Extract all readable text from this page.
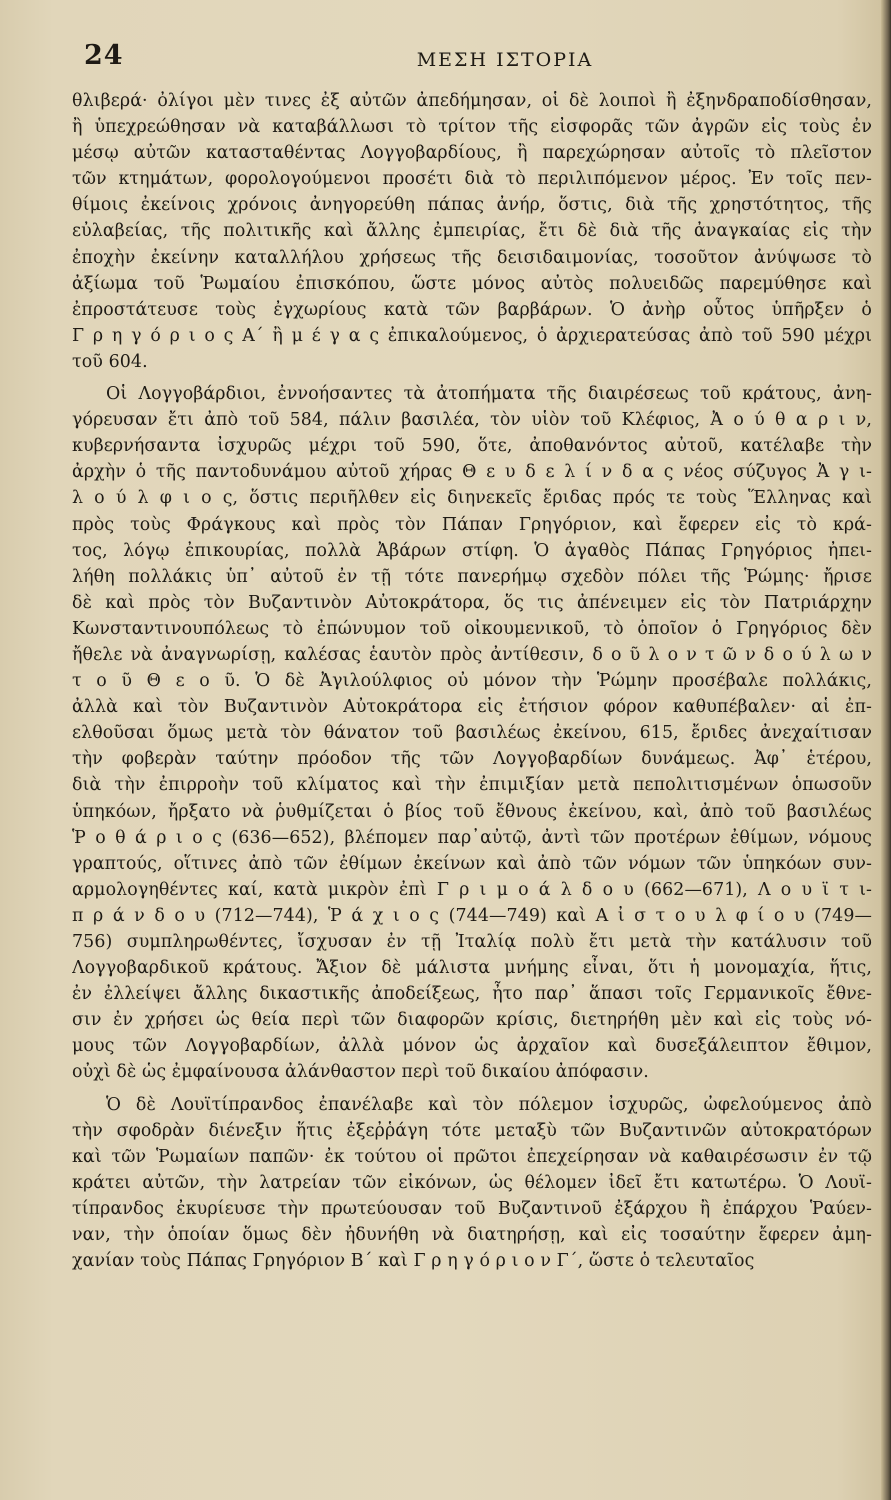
24	ΜΕΣΗ ΙΣΤΟΡΙΑ
θλιβερά· ὀλίγοι μὲν τινες ἐξ αὐτῶν ἀπεδήμησαν, οἱ δὲ λοιποὶ ἢ ἐξηνδραποδίσθησαν,
ἢ ὑπεχρεώθησαν νὰ καταβάλλωσι τὸ τρίτον τῆς εἰσφορᾶς τῶν ἀγρῶν εἰς τοὺς ἐν
μέσῳ αὐτῶν κατασταθέντας Λογγοβαρδίους, ἢ παρεχώρησαν αὐτοῖς τὸ πλεῖστον
τῶν κτημάτων, φορολογούμενοι προσέτι διὰ τὸ περιλιπόμενον μέρος. Ἐν τοῖς πεν-
θίμοις ἐκείνοις χρόνοις ἀνηγορεύθη πάπας ἀνήρ, ὅστις, διὰ τῆς χρηστότητος, τῆς
εὐλαβείας, τῆς πολιτικῆς καὶ ἄλλης ἐμπειρίας, ἔτι δὲ διὰ τῆς ἀναγκαίας εἰς τὴν
ἐποχὴν ἐκείνην καταλλήλου χρήσεως τῆς δεισιδαιμονίας, τοσοῦτον ἀνύψωσε τὸ
ἀξίωμα τοῦ Ῥωμαίου ἐπισκόπου, ὥστε μόνος αὐτὸς πολυειδῶς παρεμύθησε καὶ
ἐπροστάτευσε τοὺς ἐγχωρίους κατὰ τῶν βαρβάρων. Ὁ ἀνὴρ οὗτος ὑπῆρξεν ὁ
Γ ρ η γ ό ρ ι ο ς Α΄ ἢ μ έ γ α ς ἐπικαλούμενος, ὁ ἀρχιερατεύσας ἀπὸ τοῦ 590 μέχρι
τοῦ 604.
Οἱ Λογγοβάρδιοι, ἐννοήσαντες τὰ ἀτοπήματα τῆς διαιρέσεως τοῦ κράτους, ἀνη-
γόρευσαν ἔτι ἀπὸ τοῦ 584, πάλιν βασιλέα, τὸν υἱὸν τοῦ Κλέφιος, Ἀ ο ύ θ α ρ ι ν,
κυβερνήσαντα ἰσχυρῶς μέχρι τοῦ 590, ὅτε, ἀποθανόντος αὐτοῦ, κατέλαβε τὴν
ἀρχὴν ὁ τῆς παντοδυνάμου αὐτοῦ χήρας Θ ε υ δ ε λ ί ν δ α ς νέος σύζυγος Ἀ γ ι-
λ ο ύ λ φ ι ο ς, ὅστις περιῆλθεν εἰς διηνεκεῖς ἔριδας πρός τε τοὺς Ἕλληνας καὶ
πρὸς τοὺς Φράγκους καὶ πρὸς τὸν Πάπαν Γρηγόριον, καὶ ἔφερεν εἰς τὸ κρά-
τος, λόγῳ ἐπικουρίας, πολλὰ Ἀβάρων στίφη. Ὁ ἀγαθὸς Πάπας Γρηγόριος ἠπει-
λήθη πολλάκις ὑπ᾽ αὐτοῦ ἐν τῇ τότε πανερήμῳ σχεδὸν πόλει τῆς Ῥώμης· ἤρισε
δὲ καὶ πρὸς τὸν Βυζαντινὸν Αὐτοκράτορα, ὅς τις ἀπένειμεν εἰς τὸν Πατριάρχην
Κωνσταντινουπόλεως τὸ ἐπώνυμον τοῦ οἰκουμενικοῦ, τὸ ὁποῖον ὁ Γρηγόριος δὲν
ἤθελε νὰ ἀναγνωρίσῃ, καλέσας ἑαυτὸν πρὸς ἀντίθεσιν, δ ο ῦ λ ο ν τ ῶ ν δ ο ύ λ ω ν
τ ο ῦ Θ ε ο ῦ. Ὁ δὲ Ἀγιλούλφιος οὐ μόνον τὴν Ῥώμην προσέβαλε πολλάκις,
ἀλλὰ καὶ τὸν Βυζαντινὸν Αὐτοκράτορα εἰς ἐτήσιον φόρον καθυπέβαλεν· αἱ ἐπ-
ελθοῦσαι ὅμως μετὰ τὸν θάνατον τοῦ βασιλέως ἐκείνου, 615, ἔριδες ἀνεχαίτισαν
τὴν φοβερὰν ταύτην πρόοδον τῆς τῶν Λογγοβαρδίων δυνάμεως. Ἀφ᾽ ἑτέρου,
διὰ τὴν ἐπιρροὴν τοῦ κλίματος καὶ τὴν ἐπιμιξίαν μετὰ πεπολιτισμένων ὁπωσοῦν
ὑπηκόων, ἤρξατο νὰ ῥυθμίζεται ὁ βίος τοῦ ἔθνους ἐκείνου, καὶ, ἀπὸ τοῦ βασιλέως
Ῥ ο θ ά ρ ι ο ς (636—652), βλέπομεν παρ᾽αὐτῷ, ἀντὶ τῶν προτέρων ἐθίμων, νόμους
γραπτούς, οἵτινες ἀπὸ τῶν ἐθίμων ἐκείνων καὶ ἀπὸ τῶν νόμων τῶν ὑπηκόων συν-
αρμολογηθέντες καί, κατὰ μικρὸν ἐπὶ Γ ρ ι μ ο ά λ δ ο υ (662—671), Λ ο υ ϊ τ ι-
π ρ ά ν δ ο υ (712—744), Ῥ ά χ ι ο ς (744—749) καὶ Α ἰ σ τ ο υ λ φ ί ο υ (749—
756) συμπληρωθέντες, ἴσχυσαν ἐν τῇ Ἰταλίᾳ πολὺ ἔτι μετὰ τὴν κατάλυσιν τοῦ
Λογγοβαρδικοῦ κράτους. Ἄξιον δὲ μάλιστα μνήμης εἶναι, ὅτι ἡ μονομαχία, ἥτις,
ἐν ἐλλείψει ἄλλης δικαστικῆς ἀποδείξεως, ἦτο παρ᾽ ἅπασι τοῖς Γερμανικοῖς ἔθνε-
σιν ἐν χρήσει ὡς θεία περὶ τῶν διαφορῶν κρίσις, διετηρήθη μὲν καὶ εἰς τοὺς νό-
μους τῶν Λογγοβαρδίων, ἀλλὰ μόνον ὡς ἀρχαῖον καὶ δυσεξάλειπτον ἔθιμον,
οὐχὶ δὲ ὡς ἐμφαίνουσα ἀλάνθαστον περὶ τοῦ δικαίου ἀπόφασιν.
Ὁ δὲ Λουϊτίπρανδος ἐπανέλαβε καὶ τὸν πόλεμον ἰσχυρῶς, ὠφελούμενος ἀπὸ
τὴν σφοδρὰν διένεξιν ἥτις ἐξεῤῥάγη τότε μεταξὺ τῶν Βυζαντινῶν αὐτοκρατόρων
καὶ τῶν Ῥωμαίων παπῶν· ἐκ τούτου οἱ πρῶτοι ἐπεχείρησαν νὰ καθαιρέσωσιν ἐν τῷ
κράτει αὐτῶν, τὴν λατρείαν τῶν εἰκόνων, ὡς θέλομεν ἰδεῖ ἔτι κατωτέρω. Ὁ Λουϊ-
τίπρανδος ἐκυρίευσε τὴν πρωτεύουσαν τοῦ Βυζαντινοῦ ἐξάρχου ἢ ἐπάρχου Ῥαύεν-
ναν, τὴν ὁποίαν ὅμως δὲν ἠδυνήθη νὰ διατηρήσῃ, καὶ εἰς τοσαύτην ἔφερεν ἀμη-
χανίαν τοὺς Πάπας Γρηγόριον Β΄ καὶ Γ ρ η γ ό ρ ι ο ν Γ΄, ὥστε ὁ τελευταῖος
